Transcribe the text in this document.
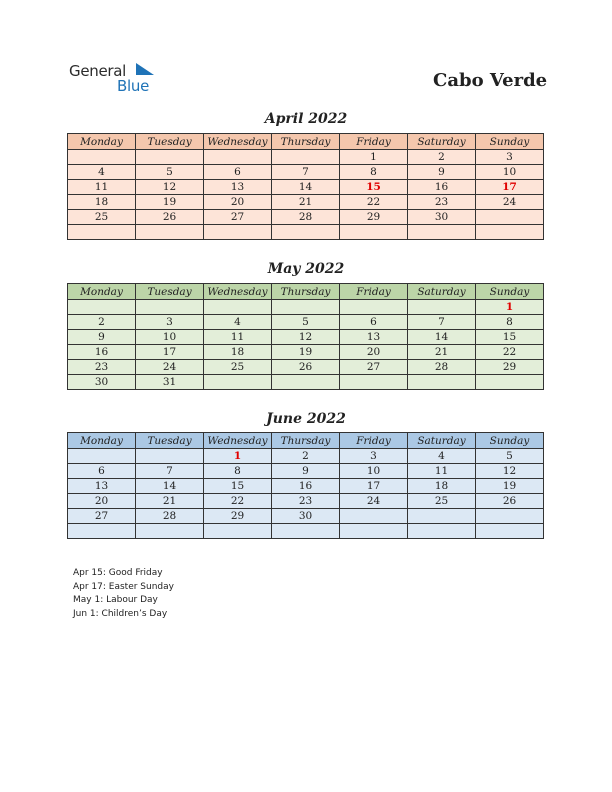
General
Blue	Cabo Verde
April 2022
Monday	Tuesday	Wednesday	Thursday	Friday	Saturday	Sunday
				1	2	3
4	5	6	7	8	9	10
11	12	13	14	15	16	17
18	19	20	21	22	23	24
25	26	27	28	29	30	

May 2022
Monday	Tuesday	Wednesday	Thursday	Friday	Saturday	Sunday
						1
2	3	4	5	6	7	8
9	10	11	12	13	14	15
16	17	18	19	20	21	22
23	24	25	26	27	28	29
30	31					
June 2022
Monday	Tuesday	Wednesday	Thursday	Friday	Saturday	Sunday
		1	2	3	4	5
6	7	8	9	10	11	12
13	14	15	16	17	18	19
20	21	22	23	24	25	26
27	28	29	30			

Apr 15: Good Friday
Apr 17: Easter Sunday
May 1: Labour Day
Jun 1: Children’s Day
